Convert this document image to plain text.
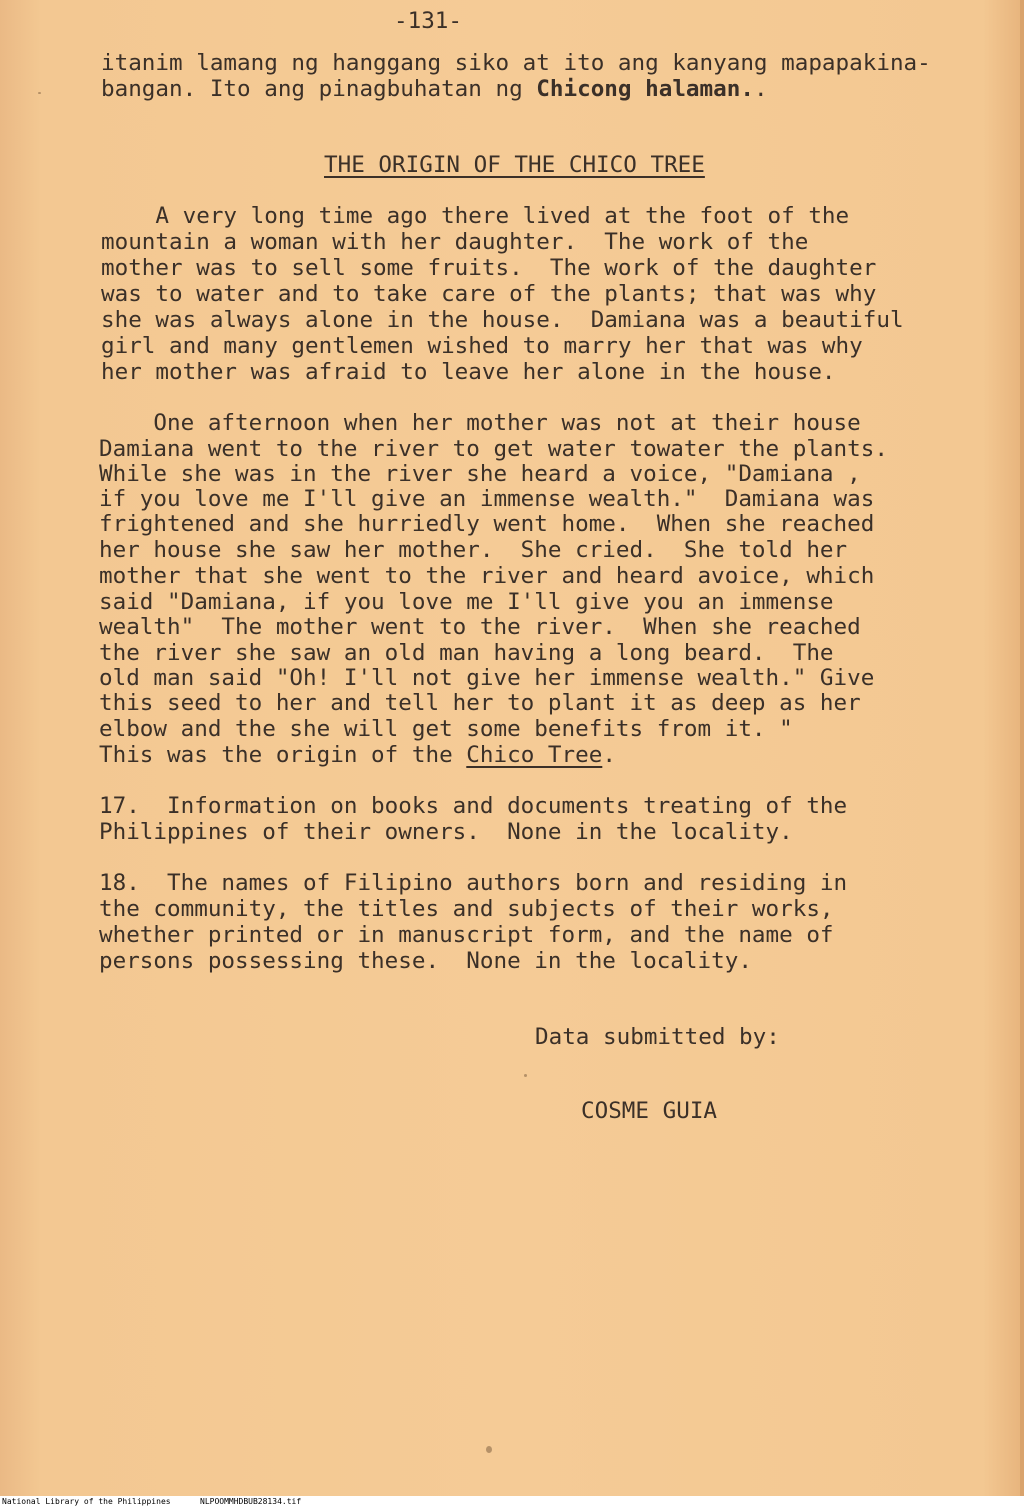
-131-
itanim lamang ng hanggang siko at ito ang kanyang mapapakina-
bangan. Ito ang pinagbuhatan ng Chicong halaman..
THE ORIGIN OF THE CHICO TREE
A very long time ago there lived at the foot of the
mountain a woman with her daughter.  The work of the
mother was to sell some fruits.  The work of the daughter
was to water and to take care of the plants; that was why
she was always alone in the house.  Damiana was a beautiful
girl and many gentlemen wished to marry her that was why
her mother was afraid to leave her alone in the house.
One afternoon when her mother was not at their house
Damiana went to the river to get water towater the plants.
While she was in the river she heard a voice, "Damiana ,
if you love me I'll give an immense wealth."  Damiana was
frightened and she hurriedly went home.  When she reached
her house she saw her mother.  She cried.  She told her
mother that she went to the river and heard avoice, which
said "Damiana, if you love me I'll give you an immense
wealth"  The mother went to the river.  When she reached
the river she saw an old man having a long beard.  The
old man said "Oh! I'll not give her immense wealth." Give
this seed to her and tell her to plant it as deep as her
elbow and the she will get some benefits from it. "
This was the origin of the Chico Tree.
17.  Information on books and documents treating of the
Philippines of their owners.  None in the locality.
18.  The names of Filipino authors born and residing in
the community, the titles and subjects of their works,
whether printed or in manuscript form, and the name of
persons possessing these.  None in the locality.
Data submitted by:
COSME GUIA
National Library of the Philippines	NLPOOMMHDBUB28134.tif
